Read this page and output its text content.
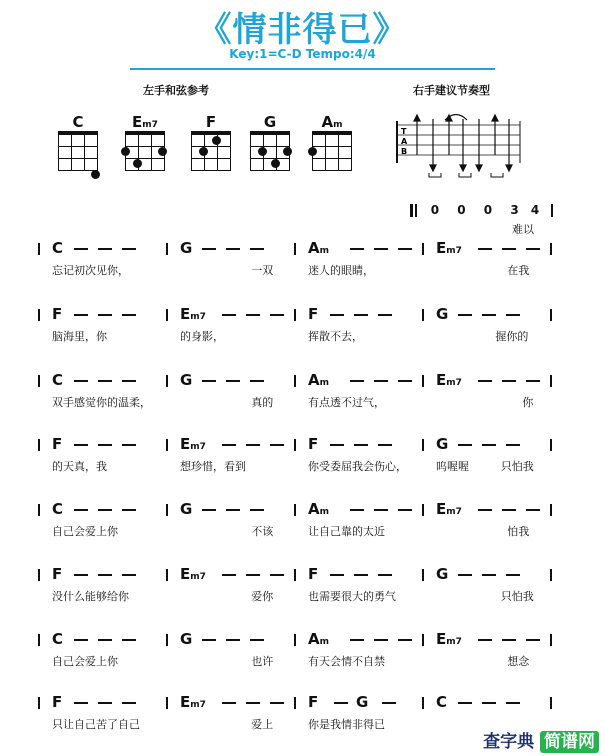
《情非得已》
Key:1=C-D Tempo:4/4
左手和弦参考	右手建议节奏型
C	Em7	F	G	Am
T
A
B
0 0 0 3 4
难以
C
忘记初次见你，
G
一双
Am
迷人的眼睛，
Em7
在我
F
脑海里，你
Em7
的身影，
F
挥散不去，
G
握你的
C
双手感觉你的温柔，
G
真的
Am
有点透不过气，
Em7
你
F
的天真，我
Em7
想珍惜，看到
F
你受委屈我会伤心，
G
呜喔喔	只怕我
C
自己会爱上你
G
不该
Am
让自己靠的太近
Em7
怕我
F
没什么能够给你
Em7
爱你
F
也需要很大的勇气
G
只怕我
C
自己会爱上你
G
也许
Am
有天会情不自禁
Em7
想念
F
只让自己苦了自己
Em7
爱上
F	G
你是我情非得已
C
查字典 简谱网
